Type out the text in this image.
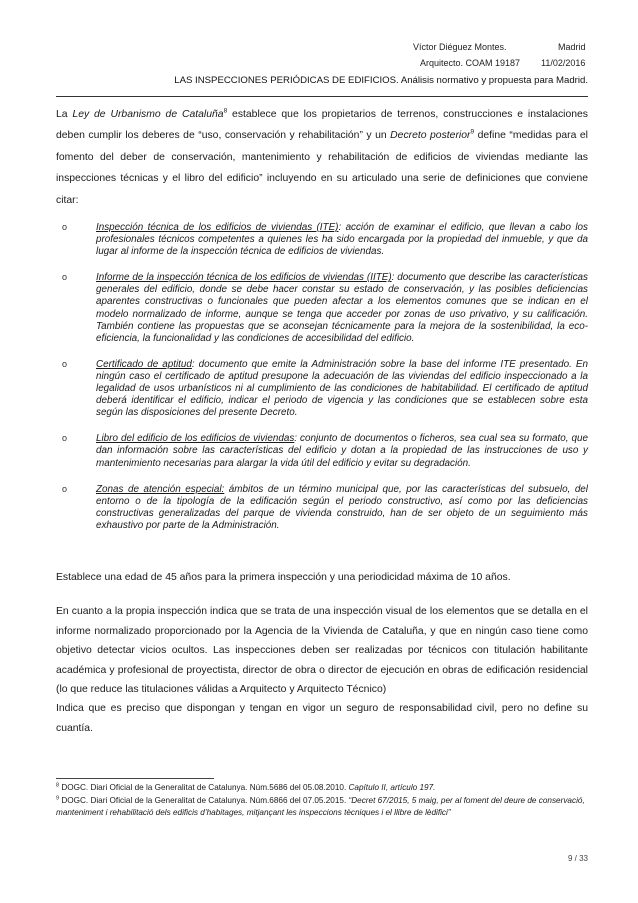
Víctor Diéguez Montes.	Madrid
Arquitecto. COAM 19187 11/02/2016
LAS INSPECCIONES PERIÓDICAS DE EDIFICIOS. Análisis normativo y propuesta para Madrid.
La Ley de Urbanismo de Cataluña$^8$ establece que los propietarios de terrenos, construcciones e instalaciones deben cumplir los deberes de “uso, conservación y rehabilitación” y un Decreto posterior$^9$ define “medidas para el fomento del deber de conservación, mantenimiento y rehabilitación de edificios de viviendas mediante las inspecciones técnicas y el libro del edificio” incluyendo en su articulado una serie de definiciones que conviene citar:
o	Inspección técnica de los edificios de viviendas (ITE): acción de examinar el edificio, que llevan a cabo los profesionales técnicos competentes a quienes les ha sido encargada por la propiedad del inmueble, y que da lugar al informe de la inspección técnica de edificios de viviendas.
o	Informe de la inspección técnica de los edificios de viviendas (IITE): documento que describe las características generales del edificio, donde se debe hacer constar su estado de conservación, y las posibles deficiencias aparentes constructivas o funcionales que pueden afectar a los elementos comunes que se indican en el modelo normalizado de informe, aunque se tenga que acceder por zonas de uso privativo, y su calificación. También contiene las propuestas que se aconsejan técnicamente para la mejora de la sostenibilidad, la eco-eficiencia, la funcionalidad y las condiciones de accesibilidad del edificio.
o	Certificado de aptitud: documento que emite la Administración sobre la base del informe ITE presentado. En ningún caso el certificado de aptitud presupone la adecuación de las viviendas del edificio inspeccionado a la legalidad de usos urbanísticos ni al cumplimiento de las condiciones de habitabilidad. El certificado de aptitud deberá identificar el edificio, indicar el periodo de vigencia y las condiciones que se establecen sobre esta según las disposiciones del presente Decreto.
o	Libro del edificio de los edificios de viviendas: conjunto de documentos o ficheros, sea cual sea su formato, que dan información sobre las características del edificio y dotan a la propiedad de las instrucciones de uso y mantenimiento necesarias para alargar la vida útil del edificio y evitar su degradación.
o	Zonas de atención especial: ámbitos de un término municipal que, por las características del subsuelo, del entorno o de la tipología de la edificación según el periodo constructivo, así como por las deficiencias constructivas generalizadas del parque de vivienda construido, han de ser objeto de un seguimiento más exhaustivo por parte de la Administración.
Establece una edad de 45 años para la primera inspección y una periodicidad máxima de 10 años.
En cuanto a la propia inspección indica que se trata de una inspección visual de los elementos que se detalla en el informe normalizado proporcionado por la Agencia de la Vivienda de Cataluña, y que en ningún caso tiene como objetivo detectar vicios ocultos. Las inspecciones deben ser realizadas por técnicos con titulación habilitante académica y profesional de proyectista, director de obra o director de ejecución en obras de edificación residencial (lo que reduce las titulaciones válidas a Arquitecto y Arquitecto Técnico)
Indica que es preciso que dispongan y tengan en vigor un seguro de responsabilidad civil, pero no define su cuantía.
$^8$ DOGC. Diari Oficial de la Generalitat de Catalunya. Núm.5686 del 05.08.2010. Capítulo II, artículo 197.
$^9$ DOGC. Diari Oficial de la Generalitat de Catalunya. Núm.6866 del 07.05.2015. “Decret 67/2015, 5 maig, per al foment del deure de conservació, manteniment i rehabilitació dels edificis d’habitages, mitjançant les inspeccions tècniques i el llibre de lèdifici”
9 / 33
